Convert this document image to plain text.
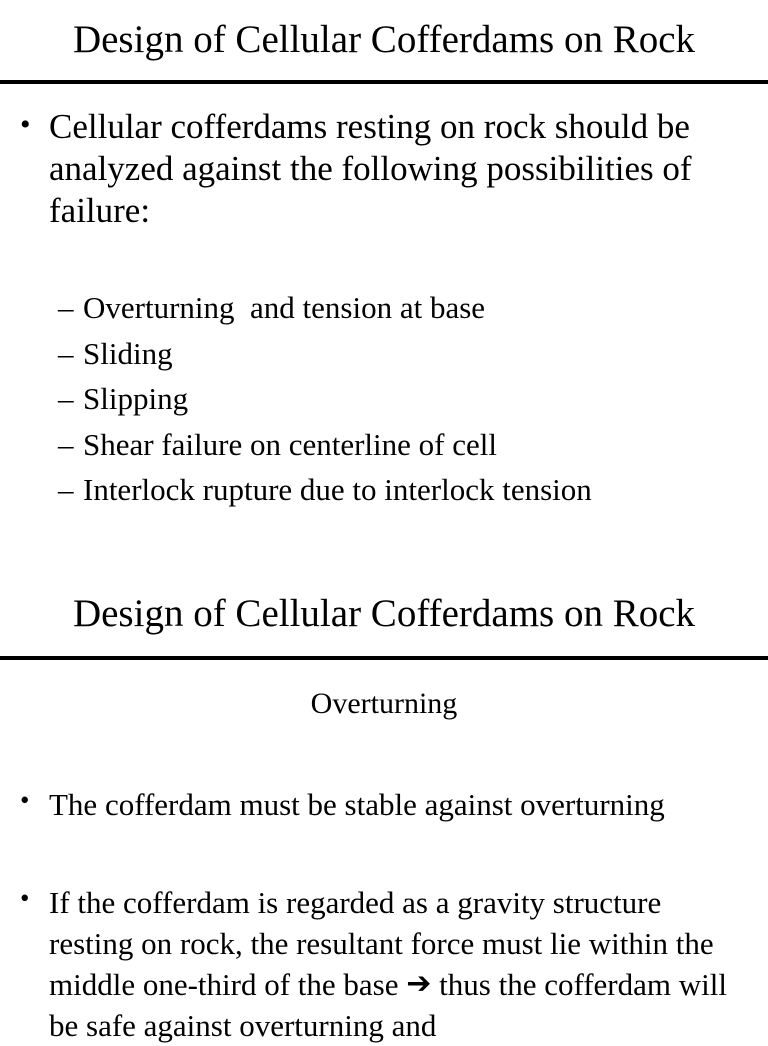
Design of Cellular Cofferdams on Rock
• Cellular cofferdams resting on rock should be analyzed against the following possibilities of failure:
– Overturning  and tension at base
– Sliding
– Slipping
– Shear failure on centerline of cell
– Interlock rupture due to interlock tension
Design of Cellular Cofferdams on Rock
Overturning
• The cofferdam must be stable against overturning
• If the cofferdam is regarded as a gravity structure resting on rock, the resultant force must lie within the middle one-third of the base ➔ thus the cofferdam will be safe against overturning and
